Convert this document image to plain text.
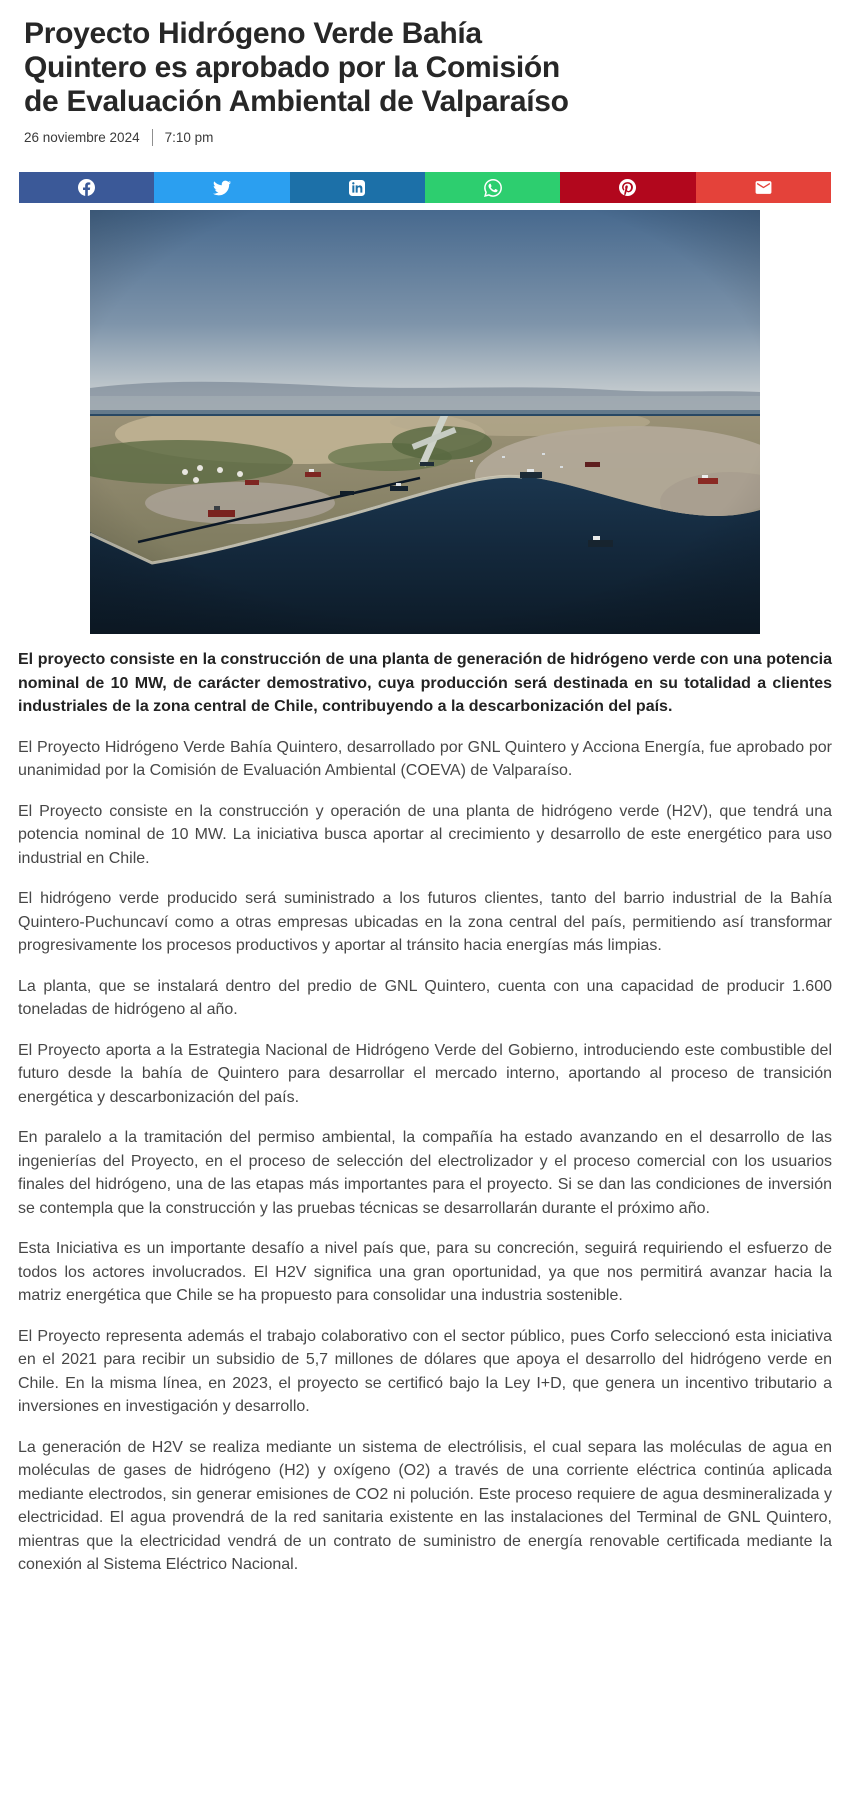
Proyecto Hidrógeno Verde Bahía
Quintero es aprobado por la Comisión
de Evaluación Ambiental de Valparaíso
26 noviembre 2024 7:10 pm

El proyecto consiste en la construcción de una planta de generación de hidrógeno verde con una potencia nominal de 10 MW, de carácter demostrativo, cuya producción será destinada en su totalidad a clientes industriales de la zona central de Chile, contribuyendo a la descarbonización del país.

El Proyecto Hidrógeno Verde Bahía Quintero, desarrollado por GNL Quintero y Acciona Energía, fue aprobado por unanimidad por la Comisión de Evaluación Ambiental (COEVA) de Valparaíso.

El Proyecto consiste en la construcción y operación de una planta de hidrógeno verde (H2V), que tendrá una potencia nominal de 10 MW. La iniciativa busca aportar al crecimiento y desarrollo de este energético para uso industrial en Chile.

El hidrógeno verde producido será suministrado a los futuros clientes, tanto del barrio industrial de la Bahía Quintero-Puchuncaví como a otras empresas ubicadas en la zona central del país, permitiendo así transformar progresivamente los procesos productivos y aportar al tránsito hacia energías más limpias.

La planta, que se instalará dentro del predio de GNL Quintero, cuenta con una capacidad de producir 1.600 toneladas de hidrógeno al año.

El Proyecto aporta a la Estrategia Nacional de Hidrógeno Verde del Gobierno, introduciendo este combustible del futuro desde la bahía de Quintero para desarrollar el mercado interno, aportando al proceso de transición energética y descarbonización del país.

En paralelo a la tramitación del permiso ambiental, la compañía ha estado avanzando en el desarrollo de las ingenierías del Proyecto, en el proceso de selección del electrolizador y el proceso comercial con los usuarios finales del hidrógeno, una de las etapas más importantes para el proyecto. Si se dan las condiciones de inversión se contempla que la construcción y las pruebas técnicas se desarrollarán durante el próximo año.

Esta Iniciativa es un importante desafío a nivel país que, para su concreción, seguirá requiriendo el esfuerzo de todos los actores involucrados. El H2V significa una gran oportunidad, ya que nos permitirá avanzar hacia la matriz energética que Chile se ha propuesto para consolidar una industria sostenible.

El Proyecto representa además el trabajo colaborativo con el sector público, pues Corfo seleccionó esta iniciativa en el 2021 para recibir un subsidio de 5,7 millones de dólares que apoya el desarrollo del hidrógeno verde en Chile. En la misma línea, en 2023, el proyecto se certificó bajo la Ley I+D, que genera un incentivo tributario a inversiones en investigación y desarrollo.

La generación de H2V se realiza mediante un sistema de electrólisis, el cual separa las moléculas de agua en moléculas de gases de hidrógeno (H2) y oxígeno (O2) a través de una corriente eléctrica continúa aplicada mediante electrodos, sin generar emisiones de CO2 ni polución. Este proceso requiere de agua desmineralizada y electricidad. El agua provendrá de la red sanitaria existente en las instalaciones del Terminal de GNL Quintero, mientras que la electricidad vendrá de un contrato de suministro de energía renovable certificada mediante la conexión al Sistema Eléctrico Nacional.
